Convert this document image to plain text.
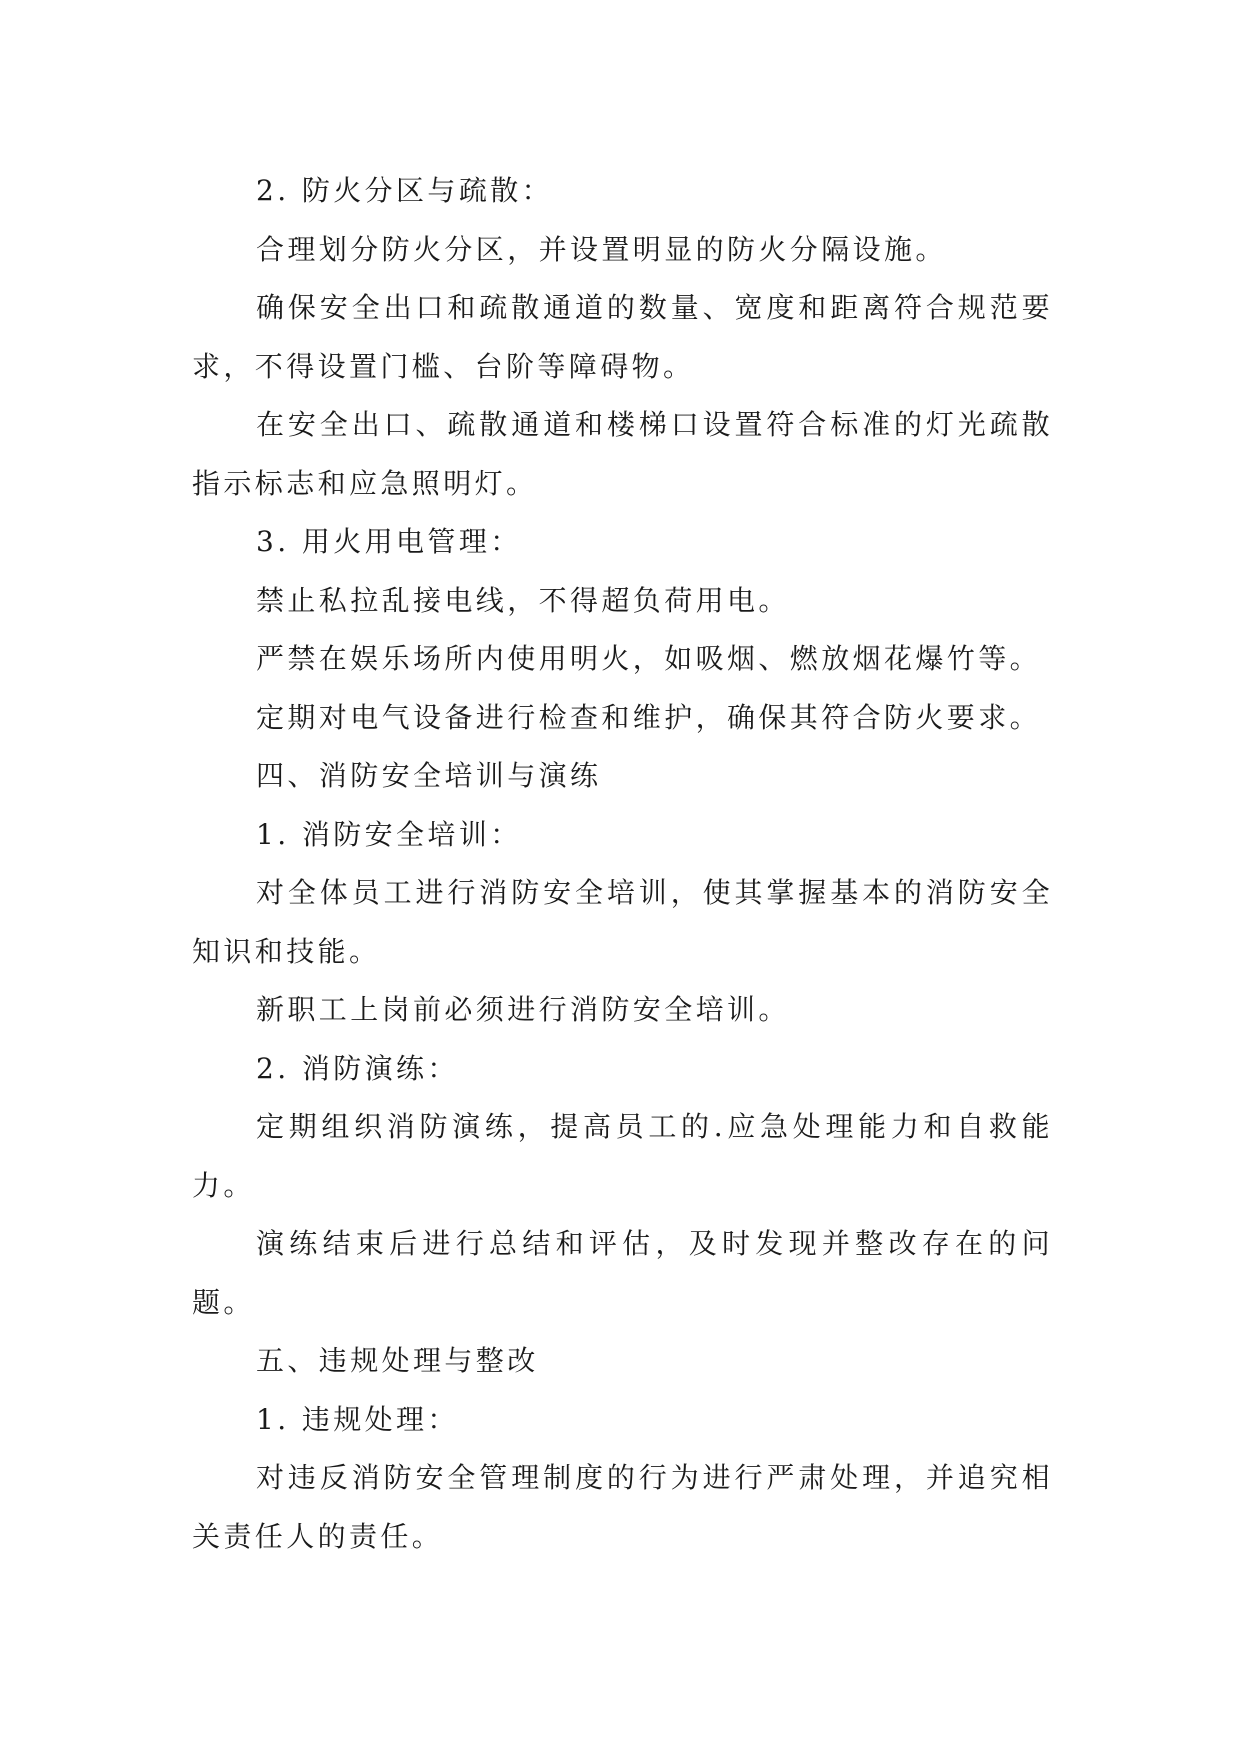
2. 防火分区与疏散：

合理划分防火分区，并设置明显的防火分隔设施。

确保安全出口和疏散通道的数量、宽度和距离符合规范要求，不得设置门槛、台阶等障碍物。

在安全出口、疏散通道和楼梯口设置符合标准的灯光疏散指示标志和应急照明灯。

3. 用火用电管理：

禁止私拉乱接电线，不得超负荷用电。

严禁在娱乐场所内使用明火，如吸烟、燃放烟花爆竹等。

定期对电气设备进行检查和维护，确保其符合防火要求。

四、消防安全培训与演练

1. 消防安全培训：

对全体员工进行消防安全培训，使其掌握基本的消防安全知识和技能。

新职工上岗前必须进行消防安全培训。

2. 消防演练：

定期组织消防演练，提高员工的.应急处理能力和自救能力。

演练结束后进行总结和评估，及时发现并整改存在的问题。

五、违规处理与整改

1. 违规处理：

对违反消防安全管理制度的行为进行严肃处理，并追究相关责任人的责任。
